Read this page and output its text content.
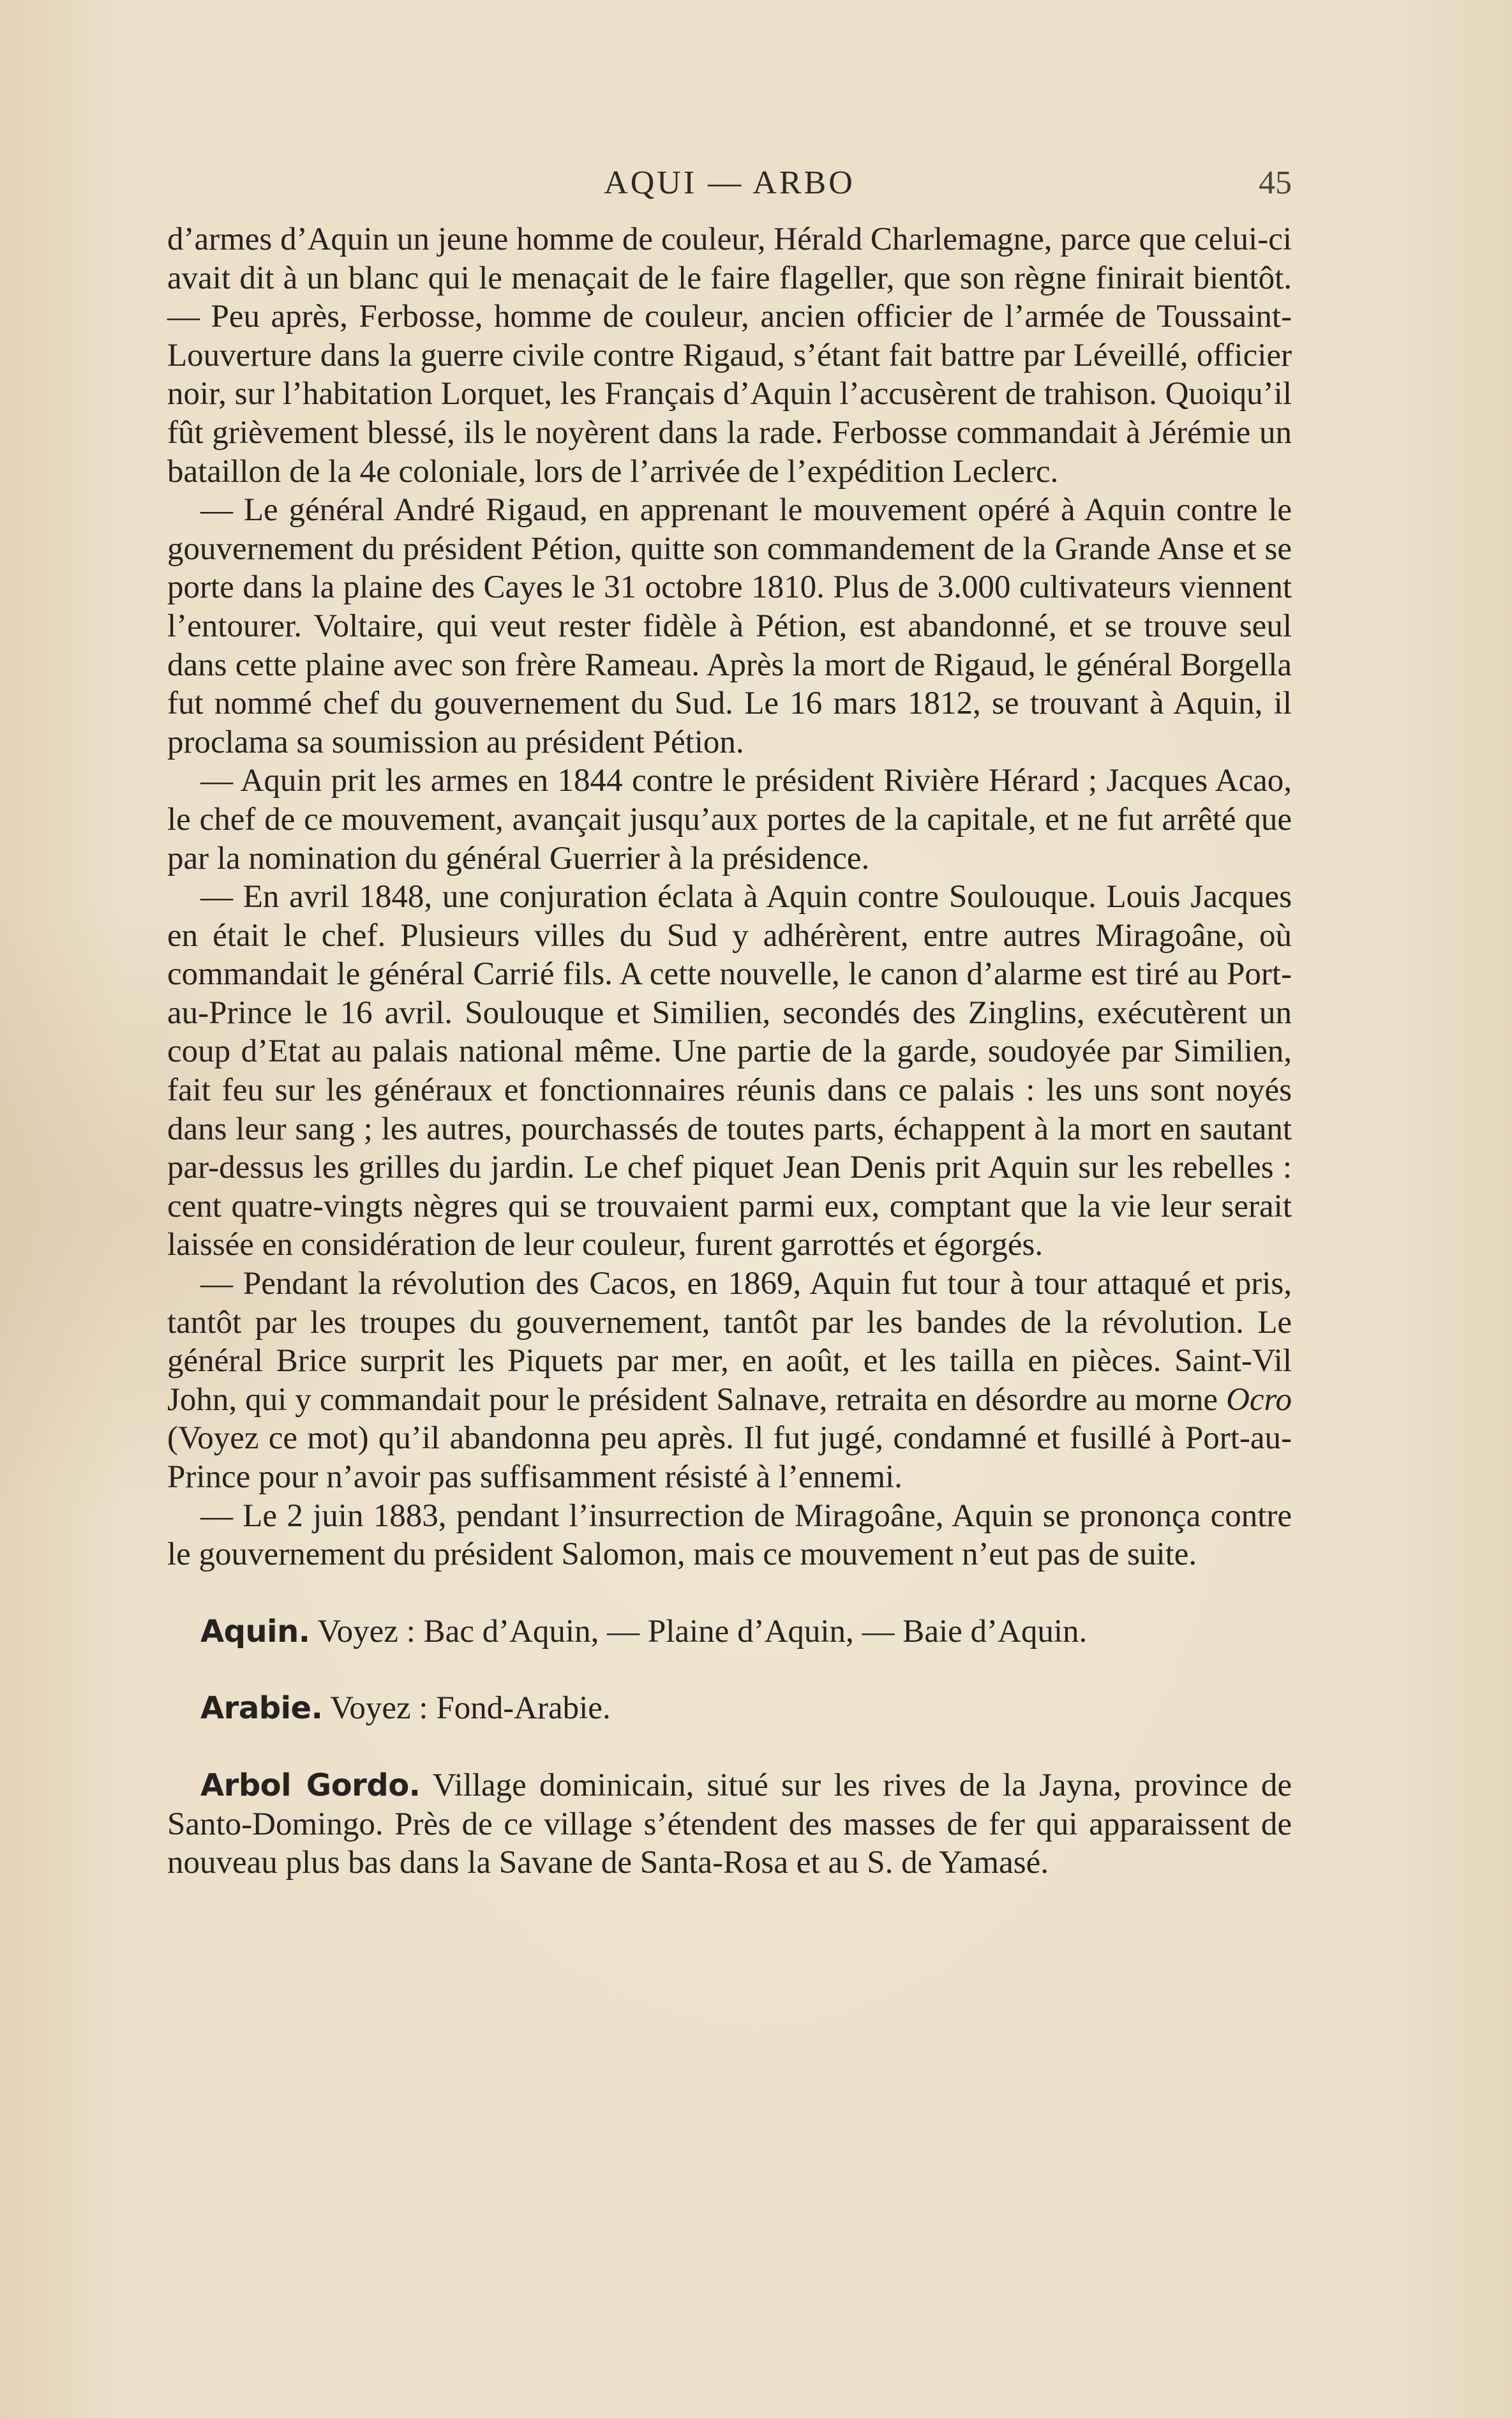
AQUI — ARBO	45

d’armes d’Aquin un jeune homme de couleur, Hérald Charlemagne, parce que celui-ci avait dit à un blanc qui le menaçait de le faire flageller, que son règne finirait bientôt. — Peu après, Ferbosse, homme de couleur, ancien officier de l’armée de Toussaint-Louverture dans la guerre civile contre Rigaud, s’étant fait battre par Léveillé, officier noir, sur l’habitation Lorquet, les Français d’Aquin l’accusèrent de trahison. Quoiqu’il fût grièvement blessé, ils le noyèrent dans la rade. Ferbosse commandait à Jérémie un bataillon de la 4e coloniale, lors de l’arrivée de l’expédition Leclerc.

— Le général André Rigaud, en apprenant le mouvement opéré à Aquin contre le gouvernement du président Pétion, quitte son commandement de la Grande Anse et se porte dans la plaine des Cayes le 31 octobre 1810. Plus de 3.000 cultivateurs viennent l’entourer. Voltaire, qui veut rester fidèle à Pétion, est abandonné, et se trouve seul dans cette plaine avec son frère Rameau. Après la mort de Rigaud, le général Borgella fut nommé chef du gouvernement du Sud. Le 16 mars 1812, se trouvant à Aquin, il proclama sa soumission au président Pétion.

— Aquin prit les armes en 1844 contre le président Rivière Hérard ; Jacques Acao, le chef de ce mouvement, avançait jusqu’aux portes de la capitale, et ne fut arrêté que par la nomination du général Guerrier à la présidence.

— En avril 1848, une conjuration éclata à Aquin contre Soulouque. Louis Jacques en était le chef. Plusieurs villes du Sud y adhérèrent, entre autres Miragoâne, où commandait le général Carrié fils. A cette nouvelle, le canon d’alarme est tiré au Port-au-Prince le 16 avril. Soulouque et Similien, secondés des Zinglins, exécutèrent un coup d’Etat au palais national même. Une partie de la garde, soudoyée par Similien, fait feu sur les généraux et fonctionnaires réunis dans ce palais : les uns sont noyés dans leur sang ; les autres, pourchassés de toutes parts, échappent à la mort en sautant par-dessus les grilles du jardin. Le chef piquet Jean Denis prit Aquin sur les rebelles : cent quatre-vingts nègres qui se trouvaient parmi eux, comptant que la vie leur serait laissée en considération de leur couleur, furent garrottés et égorgés.

— Pendant la révolution des Cacos, en 1869, Aquin fut tour à tour attaqué et pris, tantôt par les troupes du gouvernement, tantôt par les bandes de la révolution. Le général Brice surprit les Piquets par mer, en août, et les tailla en pièces. Saint-Vil John, qui y commandait pour le président Salnave, retraita en désordre au morne Ocro (Voyez ce mot) qu’il abandonna peu après. Il fut jugé, condamné et fusillé à Port-au-Prince pour n’avoir pas suffisamment résisté à l’ennemi.

— Le 2 juin 1883, pendant l’insurrection de Miragoâne, Aquin se prononça contre le gouvernement du président Salomon, mais ce mouvement n’eut pas de suite.

Aquin. Voyez : Bac d’Aquin, — Plaine d’Aquin, — Baie d’Aquin.

Arabie. Voyez : Fond-Arabie.

Arbol Gordo. Village dominicain, situé sur les rives de la Jayna, province de Santo-Domingo. Près de ce village s’étendent des masses de fer qui apparaissent de nouveau plus bas dans la Savane de Santa-Rosa et au S. de Yamasé.
